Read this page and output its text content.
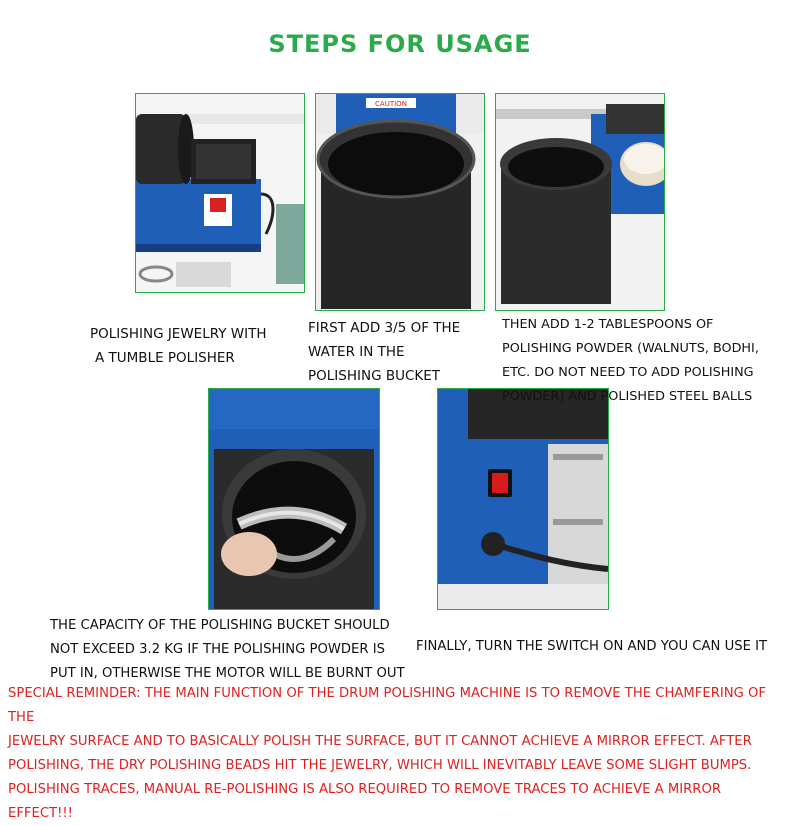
STEPS FOR USAGE
CAUTION
POLISHING JEWELRY WITH
A TUMBLE POLISHER
FIRST ADD 3/5 OF THE
WATER IN THE
POLISHING BUCKET
THEN ADD 1-2 TABLESPOONS OF
POLISHING POWDER (WALNUTS, BODHI,
ETC. DO NOT NEED TO ADD POLISHING
POWDER) AND POLISHED STEEL BALLS
THE CAPACITY OF THE POLISHING BUCKET SHOULD
NOT EXCEED 3.2 KG IF THE POLISHING POWDER IS
PUT IN, OTHERWISE THE MOTOR WILL BE BURNT OUT
FINALLY, TURN THE SWITCH ON AND YOU CAN USE IT
SPECIAL REMINDER: THE MAIN FUNCTION OF THE DRUM POLISHING MACHINE IS TO REMOVE THE CHAMFERING OF THE
JEWELRY SURFACE AND TO BASICALLY POLISH THE SURFACE, BUT IT CANNOT ACHIEVE A MIRROR EFFECT. AFTER
POLISHING, THE DRY POLISHING BEADS HIT THE JEWELRY, WHICH WILL INEVITABLY LEAVE SOME SLIGHT BUMPS.
POLISHING TRACES, MANUAL RE-POLISHING IS ALSO REQUIRED TO REMOVE TRACES TO ACHIEVE A MIRROR
EFFECT!!!
